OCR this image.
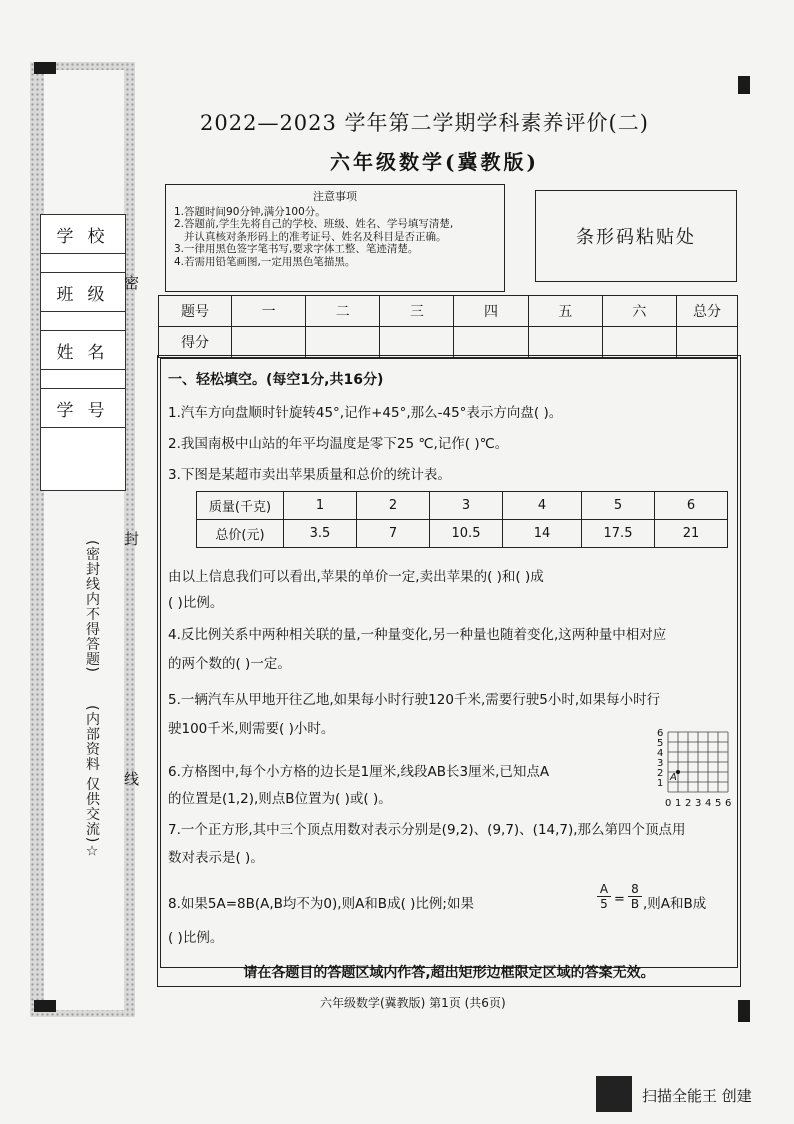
学校

班级

姓名

学号

密
封
线
(密封线内不得答题)
(内部资料 仅供交流)☆
2022—2023 学年第二学期学科素养评价(二)
六年级数学(冀教版)
注意事项
1.答题时间90分钟,满分100分。
2.答题前,学生先将自己的学校、班级、姓名、学号填写清楚,
并认真核对条形码上的准考证号、姓名及科目是否正确。
3.一律用黑色签字笔书写,要求字体工整、笔迹清楚。
4.若需用铅笔画图,一定用黑色笔描黑。
条形码粘贴处
题号	一	二	三	四	五	六	总分
得分							
一、轻松填空。(每空1分,共16分)
1.汽车方向盘顺时针旋转45°,记作+45°,那么-45°表示方向盘( )。
2.我国南极中山站的年平均温度是零下25 ℃,记作( )℃。
3.下图是某超市卖出苹果质量和总价的统计表。
质量(千克)	1	2	3	4	5	6
总价(元)	3.5	7	10.5	14	17.5	21
由以上信息我们可以看出,苹果的单价一定,卖出苹果的( )和( )成
( )比例。
4.反比例关系中两种相关联的量,一种量变化,另一种量也随着变化,这两种量中相对应
的两个数的( )一定。
5.一辆汽车从甲地开往乙地,如果每小时行驶120千米,需要行驶5小时,如果每小时行
驶100千米,则需要( )小时。
6.方格图中,每个小方格的边长是1厘米,线段AB长3厘米,已知点A
的位置是(1,2),则点B位置为( )或( )。
7.一个正方形,其中三个顶点用数对表示分别是(9,2)、(9,7)、(14,7),那么第四个顶点用
数对表示是( )。
8.如果5A=8B(A,B均不为0),则A和B成( )比例;如果
( )比例。
$\frac{A}{5} = \frac{8}{B}$ ,则A和B成
6
5
4
3
2
1
0 1 2 3 4 5 6
A
请在各题目的答题区域内作答,超出矩形边框限定区域的答案无效。
六年级数学(冀教版) 第1页 (共6页)
扫描全能王 创建
